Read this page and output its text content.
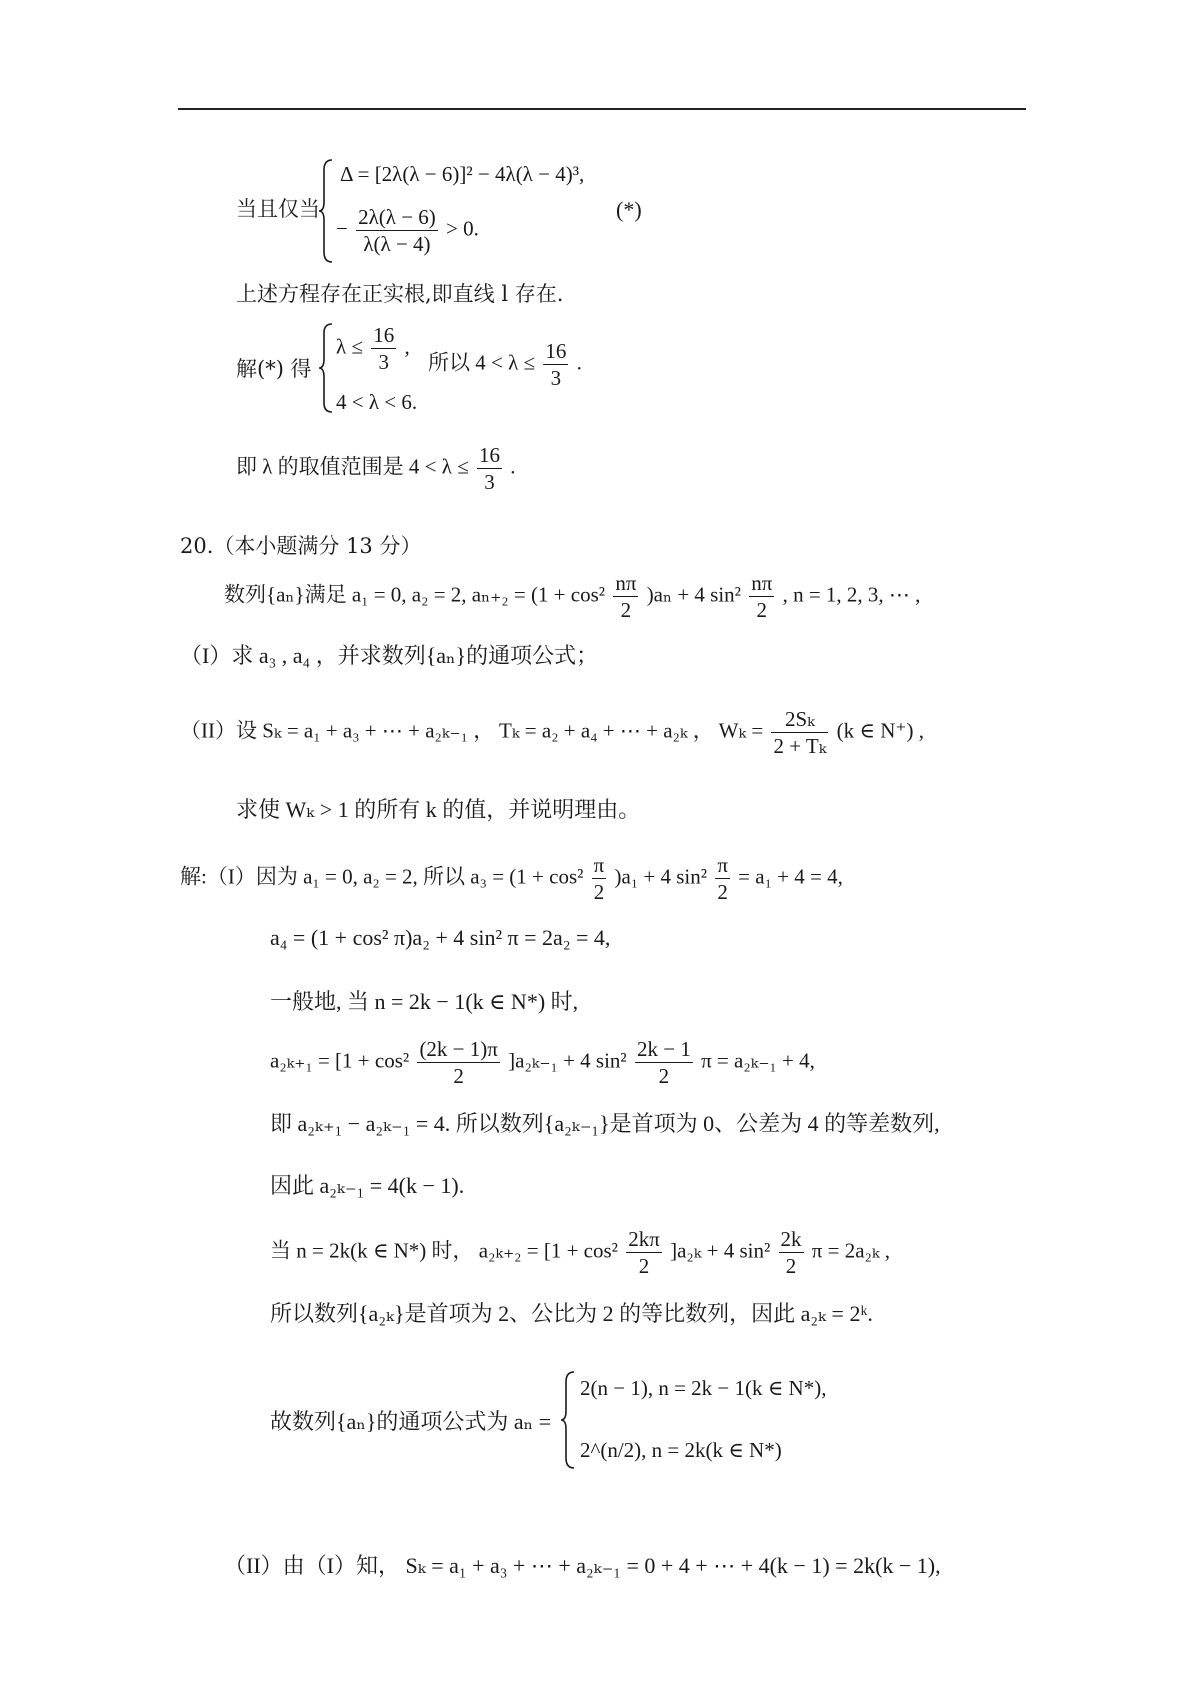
当且仅当
Δ = [2λ(λ − 6)]² − 4λ(λ − 4)³,
− $\frac{2\lambda(\lambda - 6)}{\lambda(\lambda - 4)} > 0$.
(*)
上述方程存在正实根,即直线 l 存在.
解(*) 得
$\lambda \le \frac{16}{3}$ ,
所以 $4 < \lambda \le \frac{16}{3}$ .
4 < λ < 6.
即 λ 的取值范围是 $4 < \lambda \le \frac{16}{3}$ .
20.（本小题满分 13 分）
数列{aₙ}满足 a₁ = 0, a₂ = 2, $a_{n+2} = (1 + \cos^2 \frac{n\pi}{2} )a_n + 4$ $\sin^2 \frac{n\pi}{2}$ , n = 1, 2, 3, ⋯ ,
（I）求 a₃ , a₄ ，并求数列{aₙ}的通项公式；
（II）设 Sₖ = a₁ + a₃ + ⋯ + a₂ₖ₋₁ ， Tₖ = a₂ + a₄ + ⋯ + a₂ₖ ， $W_k = \frac{\text{2Sₖ}}{\text{2 + Tₖ}} (k$ ∈ N⁺) ,
求使 Wₖ > 1 的所有 k 的值，并说明理由。
解:（I）因为 a₁ = 0, a₂ = 2, 所以 $a_3 = (1 + \cos^2 \frac{\pi}{2} )a_1 + 4$ $\sin^2 \frac{\pi}{2} = a_1 + 4 = 4$,
a₄ = (1 + cos² π)a₂ + 4 sin² π = 2a₂ = 4,
一般地, 当 n = 2k − 1(k ∈ N*) 时,
$a_{2k+1} = [1 + \cos^2 \frac{(2k - 1)\pi}{2} ]a_{2k-1} + 4$ $\sin^2 \frac{2k - 1}{2}$ π = a₂ₖ₋₁ + 4,
即 a₂ₖ₊₁ − a₂ₖ₋₁ = 4. 所以数列{a₂ₖ₋₁}是首项为 0、公差为 4 的等差数列,
因此 a₂ₖ₋₁ = 4(k − 1).
当 n = 2k(k ∈ N*) 时， $a_{2k+2} = [1 + \cos^2 \frac{2k\pi}{2} ]a_{2k} + 4$ $\sin^2 \frac{2k}{2}$ π = 2a₂ₖ ,
所以数列{a₂ₖ}是首项为 2、公比为 2 的等比数列，因此 a₂ₖ = 2ᵏ.
故数列{aₙ}的通项公式为 aₙ =
2(n − 1), n = 2k − 1(k ∈ N*),
2^(n/2), n = 2k(k ∈ N*)
（II）由（I）知， Sₖ = a₁ + a₃ + ⋯ + a₂ₖ₋₁ = 0 + 4 + ⋯ + 4(k − 1) = 2k(k − 1),
